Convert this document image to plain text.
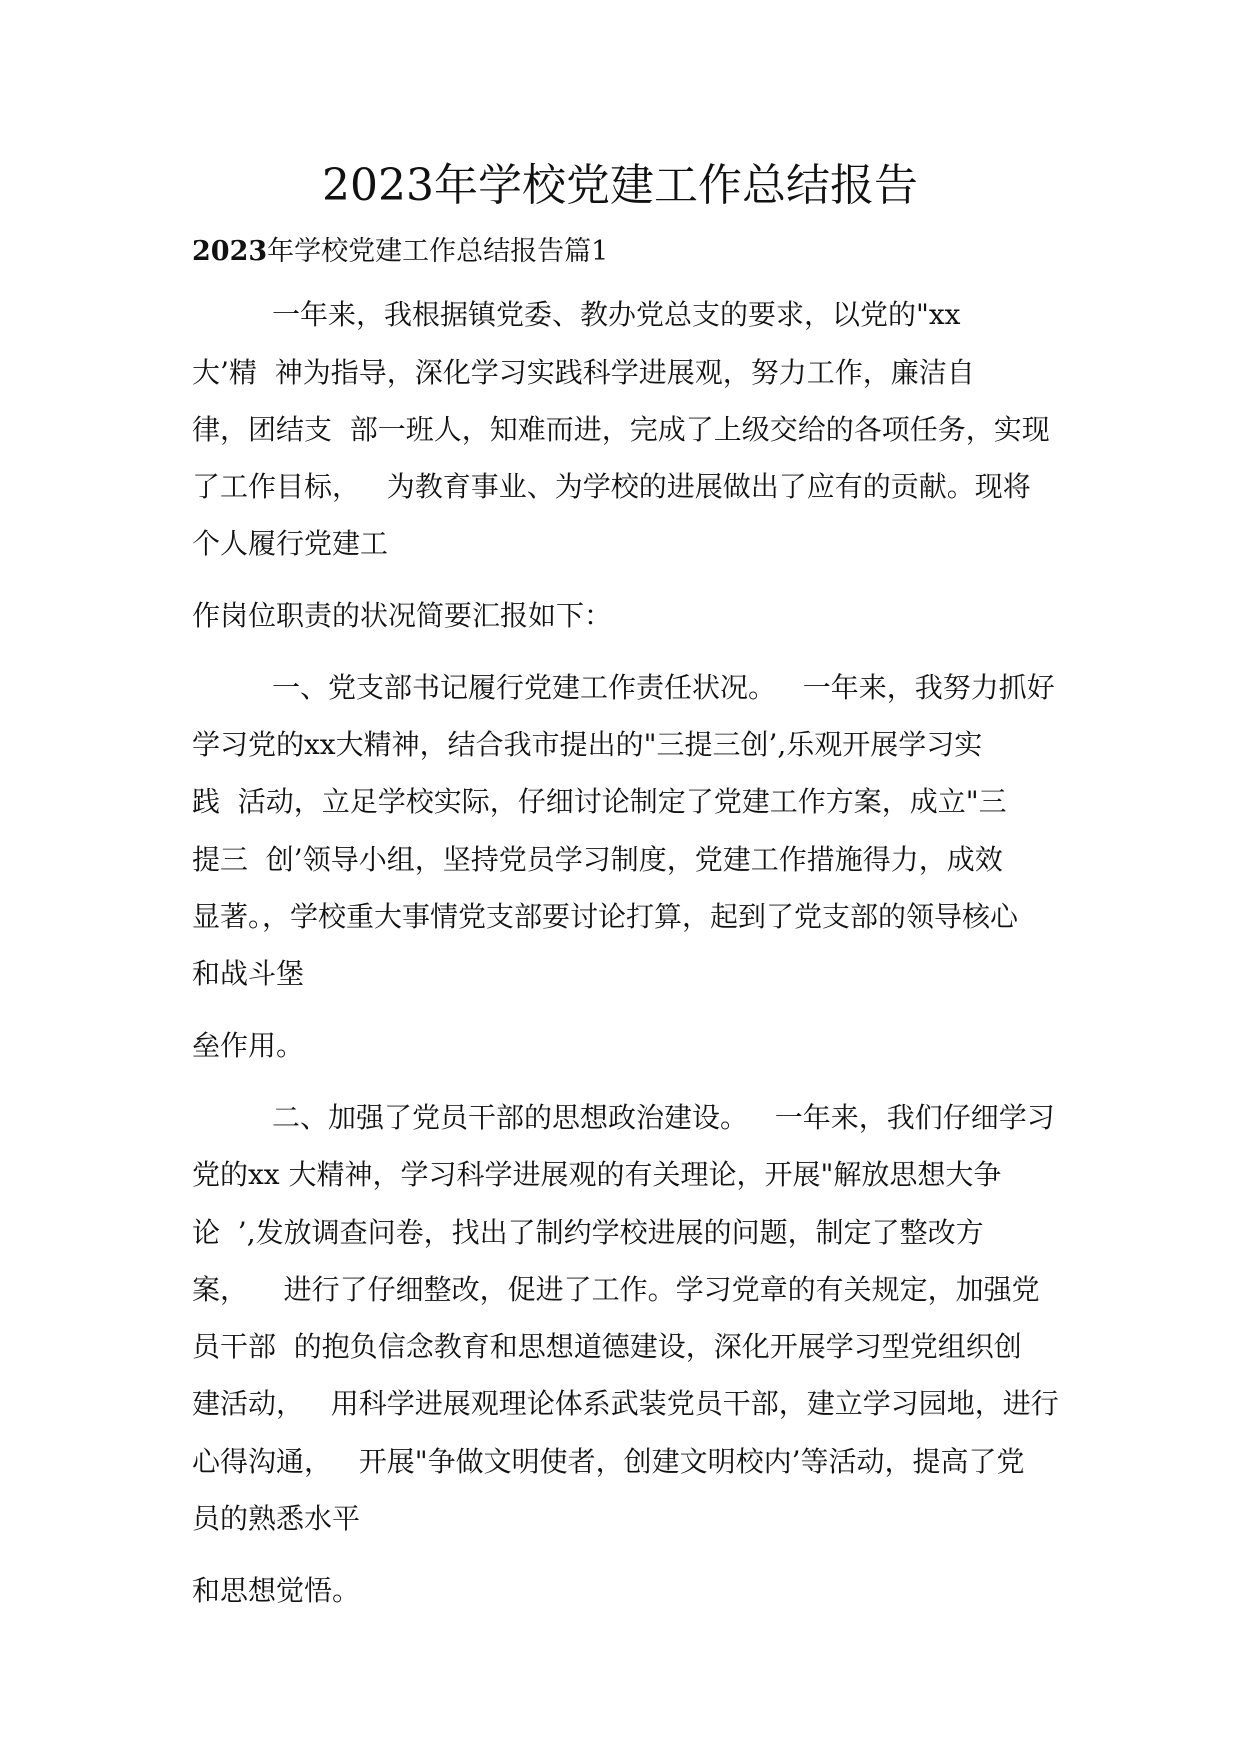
2023年学校党建工作总结报告

2023年学校党建工作总结报告篇1

一年来，我根据镇党委、教办党总支的要求，以党的"xx

大’精  神为指导，深化学习实践科学进展观，努力工作，廉洁自

律，团结支  部一班人，知难而进，完成了上级交给的各项任务，实现

了工作目标，   为教育事业、为学校的进展做出了应有的贡献。现将

个人履行党建工

作岗位职责的状况简要汇报如下：

一、党支部书记履行党建工作责任状况。   一年来，我努力抓好

学习党的xx大精神，结合我市提出的"三提三创’,乐观开展学习实

践  活动，立足学校实际，仔细讨论制定了党建工作方案，成立"三

提三  创’领导小组，坚持党员学习制度，党建工作措施得力，成效

显著。，学校重大事情党支部要讨论打算，起到了党支部的领导核心

和战斗堡

垒作用。

二、加强了党员干部的思想政治建设。   一年来，我们仔细学习

党的xx 大精神，学习科学进展观的有关理论，开展"解放思想大争

论  ’,发放调查问卷，找出了制约学校进展的问题，制定了整改方

案，    进行了仔细整改，促进了工作。学习党章的有关规定，加强党

员干部  的抱负信念教育和思想道德建设，深化开展学习型党组织创

建活动，   用科学进展观理论体系武装党员干部，建立学习园地，进行

心得沟通，   开展"争做文明使者，创建文明校内’等活动，提高了党

员的熟悉水平

和思想觉悟。
